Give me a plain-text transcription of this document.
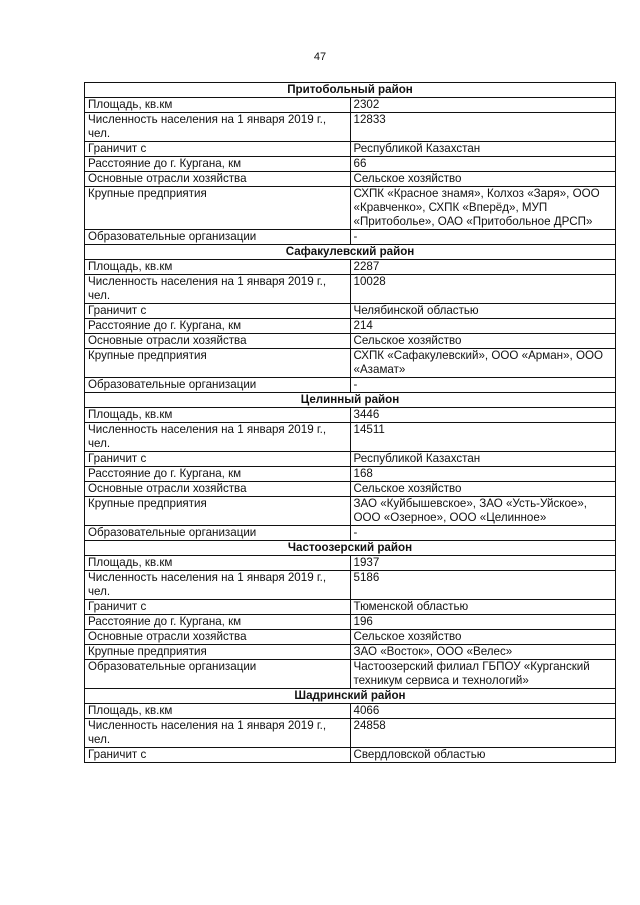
47
Притобольный район	
Площадь, кв.км	2302
Численность населения на 1 января 2019 г., чел.	12833
Граничит с	Республикой Казахстан
Расстояние до г. Кургана, км	66
Основные отрасли хозяйства	Сельское хозяйство
Крупные предприятия	СХПК «Красное знамя», Колхоз «Заря», ООО «Кравченко», СХПК «Вперёд», МУП «Притоболье», ОАО «Притобольное ДРСП»
Образовательные организации	-
Сафакулевский район	
Площадь, кв.км	2287
Численность населения на 1 января 2019 г., чел.	10028
Граничит с	Челябинской областью
Расстояние до г. Кургана, км	214
Основные отрасли хозяйства	Сельское хозяйство
Крупные предприятия	СХПК «Сафакулевский», ООО «Арман», ООО «Азамат»
Образовательные организации	-
Целинный район	
Площадь, кв.км	3446
Численность населения на 1 января 2019 г., чел.	14511
Граничит с	Республикой Казахстан
Расстояние до г. Кургана, км	168
Основные отрасли хозяйства	Сельское хозяйство
Крупные предприятия	ЗАО «Куйбышевское», ЗАО «Усть-Уйское», ООО «Озерное», ООО «Целинное»
Образовательные организации	-
Частоозерский район	
Площадь, кв.км	1937
Численность населения на 1 января 2019 г., чел.	5186
Граничит с	Тюменской областью
Расстояние до г. Кургана, км	196
Основные отрасли хозяйства	Сельское хозяйство
Крупные предприятия	ЗАО «Восток», ООО «Велес»
Образовательные организации	Частоозерский филиал ГБПОУ «Курганский техникум сервиса и технологий»
Шадринский район	
Площадь, кв.км	4066
Численность населения на 1 января 2019 г., чел.	24858
Граничит с	Свердловской областью
